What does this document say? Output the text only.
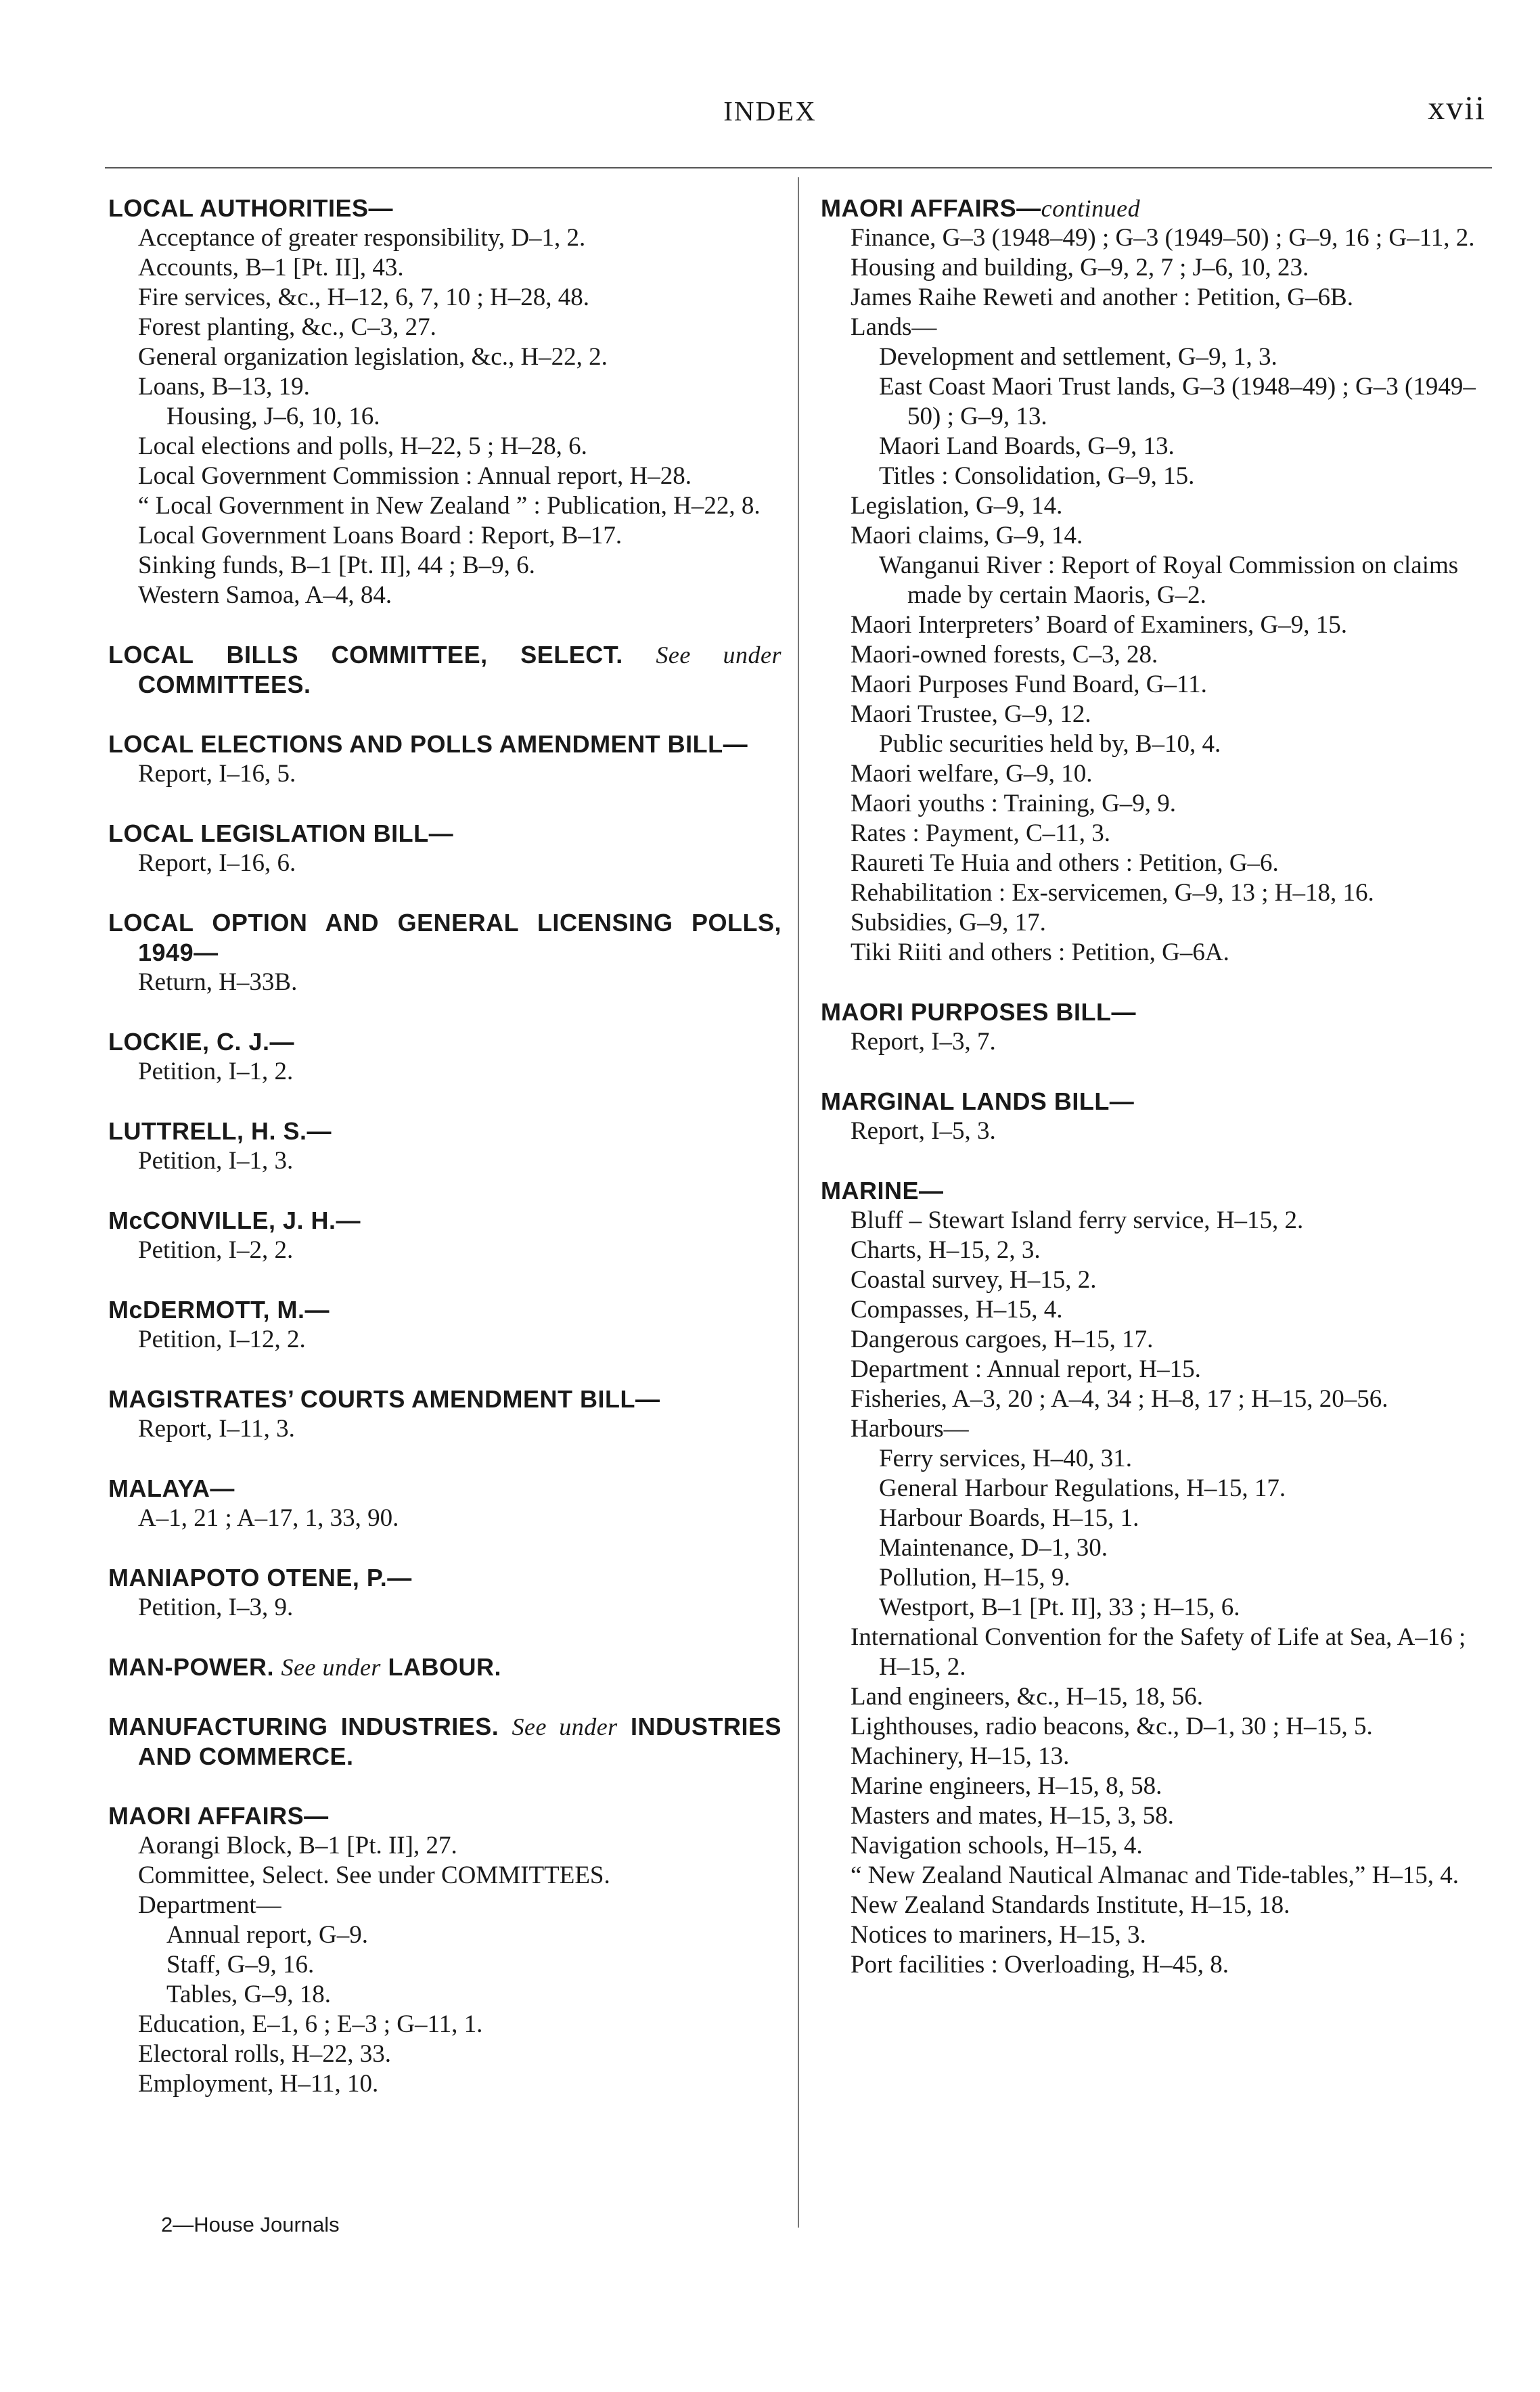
INDEX	xvii
LOCAL AUTHORITIES—
Acceptance of greater responsibility, D–1, 2.
Accounts, B–1 [Pt. II], 43.
Fire services, &c., H–12, 6, 7, 10 ; H–28, 48.
Forest planting, &c., C–3, 27.
General organization legislation, &c., H–22, 2.
Loans, B–13, 19.
Housing, J–6, 10, 16.
Local elections and polls, H–22, 5 ; H–28, 6.
Local Government Commission : Annual report, H–28.
“ Local Government in New Zealand ” : Publication, H–22, 8.
Local Government Loans Board : Report, B–17.
Sinking funds, B–1 [Pt. II], 44 ; B–9, 6.
Western Samoa, A–4, 84.
LOCAL BILLS COMMITTEE, SELECT. See under COMMITTEES.
LOCAL ELECTIONS AND POLLS AMENDMENT BILL—
Report, I–16, 5.
LOCAL LEGISLATION BILL—
Report, I–16, 6.
LOCAL OPTION AND GENERAL LICENSING POLLS, 1949—
Return, H–33B.
LOCKIE, C. J.—
Petition, I–1, 2.
LUTTRELL, H. S.—
Petition, I–1, 3.
McCONVILLE, J. H.—
Petition, I–2, 2.
McDERMOTT, M.—
Petition, I–12, 2.
MAGISTRATES’ COURTS AMENDMENT BILL—
Report, I–11, 3.
MALAYA—
A–1, 21 ; A–17, 1, 33, 90.
MANIAPOTO OTENE, P.—
Petition, I–3, 9.
MAN-POWER. See under LABOUR.
MANUFACTURING INDUSTRIES. See under INDUSTRIES AND COMMERCE.
MAORI AFFAIRS—
Aorangi Block, B–1 [Pt. II], 27.
Committee, Select. See under COMMITTEES.
Department—
Annual report, G–9.
Staff, G–9, 16.
Tables, G–9, 18.
Education, E–1, 6 ; E–3 ; G–11, 1.
Electoral rolls, H–22, 33.
Employment, H–11, 10.
MAORI AFFAIRS—continued
Finance, G–3 (1948–49) ; G–3 (1949–50) ; G–9, 16 ; G–11, 2.
Housing and building, G–9, 2, 7 ; J–6, 10, 23.
James Raihe Reweti and another : Petition, G–6B.
Lands—
Development and settlement, G–9, 1, 3.
East Coast Maori Trust lands, G–3 (1948–49) ; G–3 (1949–50) ; G–9, 13.
Maori Land Boards, G–9, 13.
Titles : Consolidation, G–9, 15.
Legislation, G–9, 14.
Maori claims, G–9, 14.
Wanganui River : Report of Royal Commission on claims made by certain Maoris, G–2.
Maori Interpreters’ Board of Examiners, G–9, 15.
Maori-owned forests, C–3, 28.
Maori Purposes Fund Board, G–11.
Maori Trustee, G–9, 12.
Public securities held by, B–10, 4.
Maori welfare, G–9, 10.
Maori youths : Training, G–9, 9.
Rates : Payment, C–11, 3.
Raureti Te Huia and others : Petition, G–6.
Rehabilitation : Ex-servicemen, G–9, 13 ; H–18, 16.
Subsidies, G–9, 17.
Tiki Riiti and others : Petition, G–6A.
MAORI PURPOSES BILL—
Report, I–3, 7.
MARGINAL LANDS BILL—
Report, I–5, 3.
MARINE—
Bluff – Stewart Island ferry service, H–15, 2.
Charts, H–15, 2, 3.
Coastal survey, H–15, 2.
Compasses, H–15, 4.
Dangerous cargoes, H–15, 17.
Department : Annual report, H–15.
Fisheries, A–3, 20 ; A–4, 34 ; H–8, 17 ; H–15, 20–56.
Harbours—
Ferry services, H–40, 31.
General Harbour Regulations, H–15, 17.
Harbour Boards, H–15, 1.
Maintenance, D–1, 30.
Pollution, H–15, 9.
Westport, B–1 [Pt. II], 33 ; H–15, 6.
International Convention for the Safety of Life at Sea, A–16 ; H–15, 2.
Land engineers, &c., H–15, 18, 56.
Lighthouses, radio beacons, &c., D–1, 30 ; H–15, 5.
Machinery, H–15, 13.
Marine engineers, H–15, 8, 58.
Masters and mates, H–15, 3, 58.
Navigation schools, H–15, 4.
“ New Zealand Nautical Almanac and Tide-tables,” H–15, 4.
New Zealand Standards Institute, H–15, 18.
Notices to mariners, H–15, 3.
Port facilities : Overloading, H–45, 8.
2—House Journals
